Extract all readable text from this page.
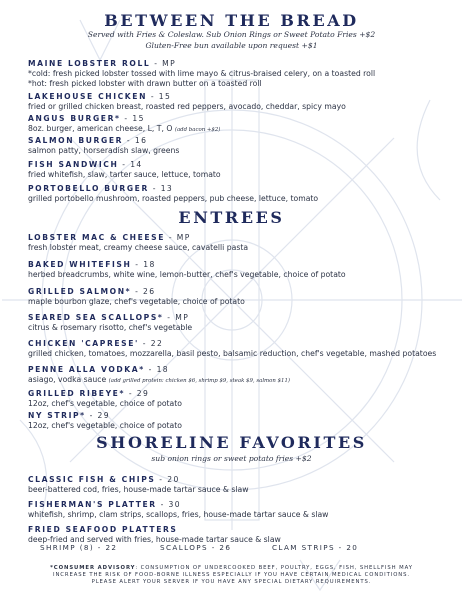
BETWEEN THE BREAD
Served with Fries & Coleslaw. Sub Onion Rings or Sweet Potato Fries +$2
Gluten-Free bun available upon request +$1
MAINE LOBSTER ROLL - MP
*cold: fresh picked lobster tossed with lime mayo & citrus-braised celery, on a toasted roll
*hot: fresh picked lobster with drawn butter on a toasted roll
LAKEHOUSE CHICKEN - 15
fried or grilled chicken breast, roasted red peppers, avocado, cheddar, spicy mayo
ANGUS BURGER* - 15
8oz. burger, american cheese, L, T, O (add bacon +$2)
SALMON BURGER - 16
salmon patty, horseradish slaw, greens
FISH SANDWICH - 14
fried whitefish, slaw, tarter sauce, lettuce, tomato
PORTOBELLO BURGER - 13
grilled portobello mushroom, roasted peppers, pub cheese, lettuce, tomato
ENTREES
LOBSTER MAC & CHEESE - MP
fresh lobster meat, creamy cheese sauce, cavatelli pasta
BAKED WHITEFISH - 18
herbed breadcrumbs, white wine, lemon-butter, chef's vegetable, choice of potato
GRILLED SALMON* - 26
maple bourbon glaze, chef's vegetable, choice of potato
SEARED SEA SCALLOPS* - MP
citrus & rosemary risotto, chef's vegetable
CHICKEN 'CAPRESE' - 22
grilled chicken, tomatoes, mozzarella, basil pesto, balsamic reduction, chef's vegetable, mashed potatoes
PENNE ALLA VODKA* - 18
asiago, vodka sauce (add grilled protein: chicken $6, shrimp $9, steak $9, salmon $11)
GRILLED RIBEYE* - 29
12oz, chef's vegetable, choice of potato
NY STRIP* - 29
12oz, chef's vegetable, choice of potato
SHORELINE FAVORITES
sub onion rings or sweet potato fries +$2
CLASSIC FISH & CHIPS - 20
beer-battered cod, fries, house-made tartar sauce & slaw
FISHERMAN'S PLATTER - 30
whitefish, shrimp, clam strips, scallops, fries, house-made tartar sauce & slaw
FRIED SEAFOOD PLATTERS
deep-fried and served with fries, house-made tartar sauce & slaw
SHRIMP (8) - 22	SCALLOPS - 26	CLAM STRIPS - 20
*CONSUMER ADVISORY: CONSUMPTION OF UNDERCOOKED BEEF, POULTRY, EGGS, FISH, SHELLFISH MAY
INCREASE THE RISK OF FOOD-BORNE ILLNESS ESPECIALLY IF YOU HAVE CERTAIN MEDICAL CONDITIONS.
PLEASE ALERT YOUR SERVER IF YOU HAVE ANY SPECIAL DIETARY REQUIREMENTS.
